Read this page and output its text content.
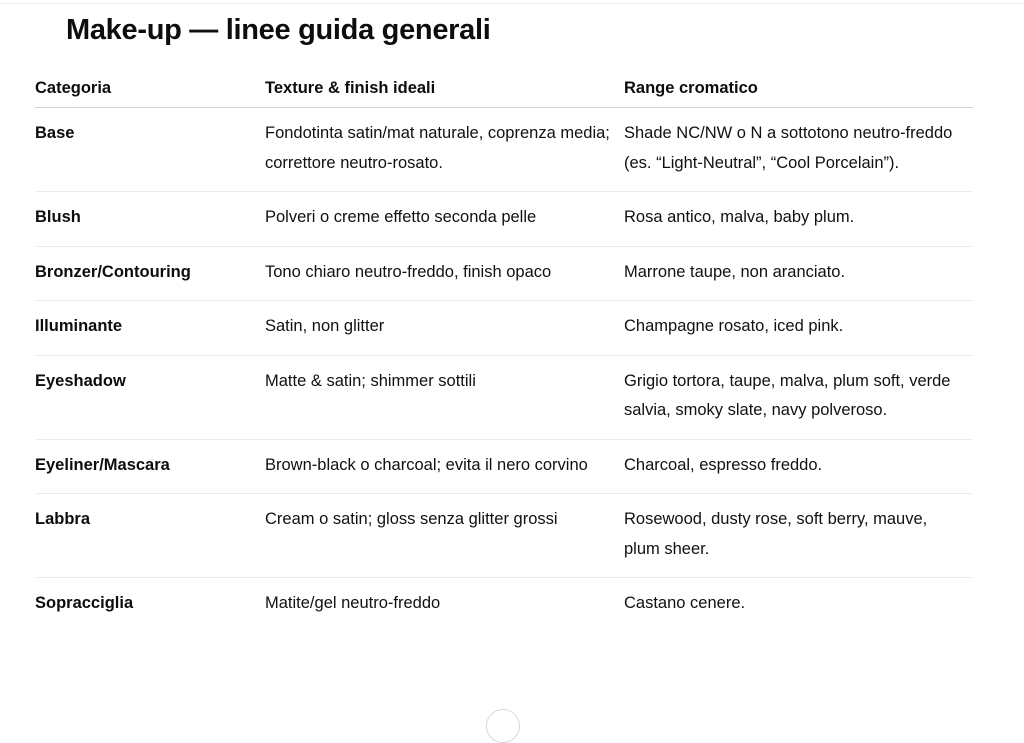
Make-up — linee guida generali
Categoria	Texture & finish ideali	Range cromatico
Base	Fondotinta satin/mat naturale, coprenza media; correttore neutro-rosato.	Shade NC/NW o N a sottotono neutro-freddo (es. “Light-Neutral”, “Cool Porcelain”).
Blush	Polveri o creme effetto seconda pelle	Rosa antico, malva, baby plum.
Bronzer/Contouring	Tono chiaro neutro-freddo, finish opaco	Marrone taupe, non aranciato.
Illuminante	Satin, non glitter	Champagne rosato, iced pink.
Eyeshadow	Matte & satin; shimmer sottili	Grigio tortora, taupe, malva, plum soft, verde salvia, smoky slate, navy polveroso.
Eyeliner/Mascara	Brown-black o charcoal; evita il nero corvino	Charcoal, espresso freddo.
Labbra	Cream o satin; gloss senza glitter grossi	Rosewood, dusty rose, soft berry, mauve, plum sheer.
Sopracciglia	Matite/gel neutro-freddo	Castano cenere.
